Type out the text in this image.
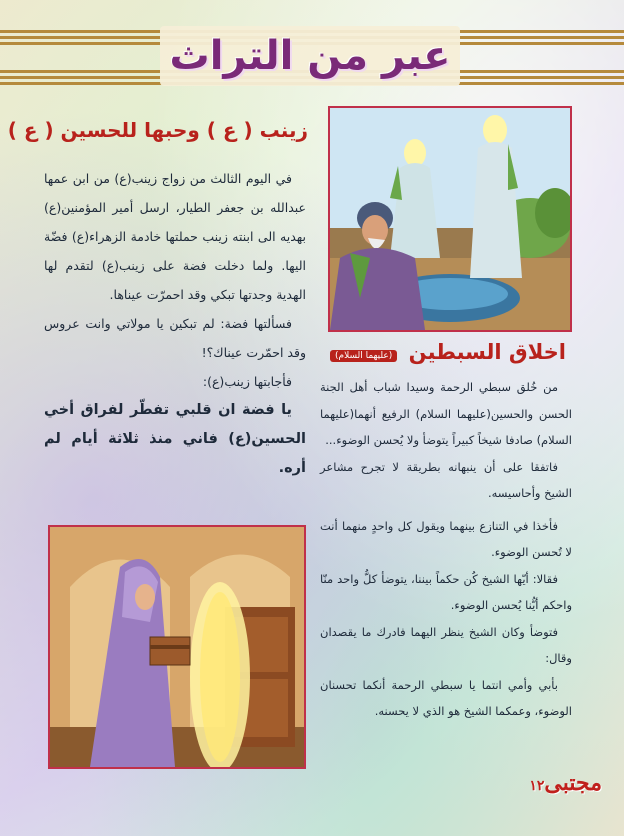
عبر من التراث
زينب ( ع ) وحبها للحسين ( ع )

في اليوم الثالث من زواج زينب(ع) من ابن عمها عبدالله بن جعفر الطيار، ارسل أمير المؤمنين(ع) بهديه الى ابنته زينب حملتها خادمة الزهراء(ع) فضّة اليها. ولما دخلت فضة على زينب(ع) لتقدم لها الهدية وجدتها تبكي وقد احمرّت عيناها.

فسألتها فضة: لم تبكين يا مولاتي وانت عروس وقد احمّرت عيناك؟!

فأجابتها زينب(ع):

يا فضة ان قلبي تفطّر لفراق أخي الحسين(ع) فاني منذ ثلاثة أيام لم أره.

اخلاق السبطين
(عليهما السلام)

من خُلق سبطي الرحمة وسيدا شباب أهل الجنة الحسن والحسين(عليهما السلام) الرفيع أنهما(عليهما السلام) صادفا شيخاً كبيراً يتوضأ ولا يُحسن الوضوء...

فاتفقا على أن ينبهانه بطريقة لا تجرح مشاعر الشيخ وأحاسيسه.

فأخذا في التنازع بينهما ويقول كل واحدٍ منهما أنت لا تُحسن الوضوء.

فقالا: أيّها الشيخ كُن حكماً بيننا، يتوضأ كلُّ واحد منّا واحكم أيُّنا يُحسن الوضوء.

فتوضأ وكان الشيخ ينظر اليهما فادرك ما يقصدان وقال:

بأبي وأمي انتما يا سبطي الرحمة أنكما تحسنان الوضوء، وعمكما الشيخ هو الذي لا يحسنه.

مجتبى١٢
